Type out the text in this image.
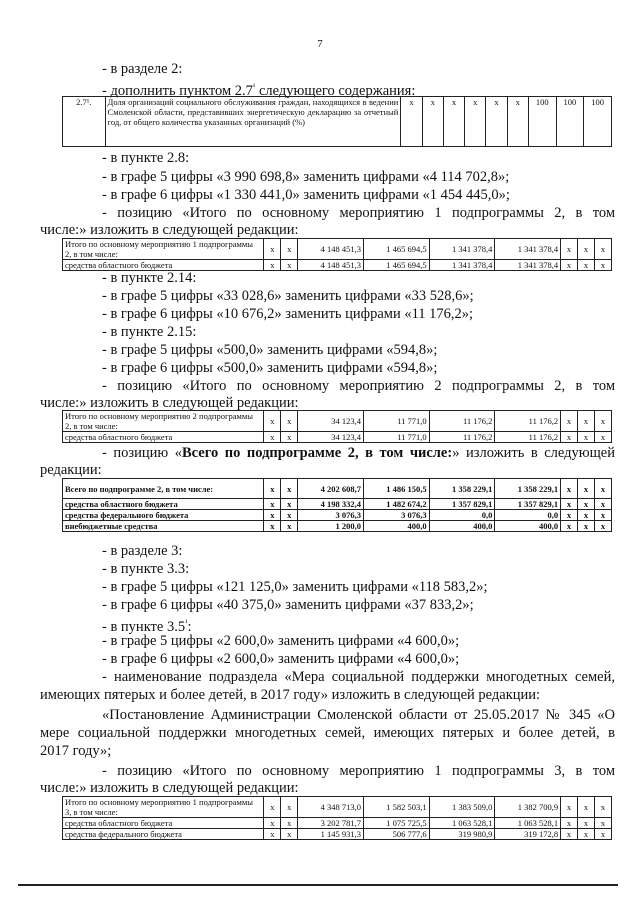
7
- в разделе 2:
- дополнить пунктом $2.7^{^1}$ следующего содержания:
2.7¹.	Доля организаций социального обслуживания граждан, находящихся в ведении Смоленской области, представивших энергетическую декларацию за отчетный год, от общего количества указанных организаций (%)	х	х	х	х	х	х	100	100	100
- в пункте 2.8:
- в графе 5 цифры «3 990 698,8» заменить цифрами «4 114 702,8»;
- в графе 6 цифры «1 330 441,0» заменить цифрами «1 454 445,0»;
- позицию «Итого по основному мероприятию 1 подпрограммы 2, в том
числе:» изложить в следующей редакции:
Итого по основному мероприятию 1 подпрограммы 2, в том числе:	х	х	4 148 451,3	1 465 694,5	1 341 378,4	1 341 378,4	х	х	х
средства областного бюджета	х	х	4 148 451,3	1 465 694,5	1 341 378,4	1 341 378,4	х	х	х
- в пункте 2.14:
- в графе 5 цифры «33 028,6» заменить цифрами «33 528,6»;
- в графе 6 цифры «10 676,2» заменить цифрами «11 176,2»;
- в пункте 2.15:
- в графе 5 цифры «500,0» заменить цифрами «594,8»;
- в графе 6 цифры «500,0» заменить цифрами «594,8»;
- позицию «Итого по основному мероприятию 2 подпрограммы 2, в том
числе:» изложить в следующей редакции:
Итого по основному мероприятию 2 подпрограммы 2, в том числе:	х	х	34 123,4	11 771,0	11 176,2	11 176,2	х	х	х
средства областного бюджета	х	х	34 123,4	11 771,0	11 176,2	11 176,2	х	х	х
- позицию «Всего по подпрограмме 2, в том числе:» изложить в следующей
редакции:
Всего по подпрограмме 2, в том числе:	х	х	4 202 608,7	1 486 150,5	1 358 229,1	1 358 229,1	х	х	х
средства областного бюджета	х	х	4 198 332,4	1 482 674,2	1 357 829,1	1 357 829,1	х	х	х
средства федерального бюджета	х	х	3 076,3	3 076,3	0,0	0,0	х	х	х
внебюджетные средства	х	х	1 200,0	400,0	400,0	400,0	х	х	х
- в разделе 3:
- в пункте 3.3:
- в графе 5 цифры «121 125,0» заменить цифрами «118 583,2»;
- в графе 6 цифры «40 375,0» заменить цифрами «37 833,2»;
- в пункте $3.5^{^1}$:
- в графе 5 цифры «2 600,0» заменить цифрами «4 600,0»;
- в графе 6 цифры «2 600,0» заменить цифрами «4 600,0»;
- наименование подраздела «Мера социальной поддержки многодетных семей,
имеющих пятерых и более детей, в 2017 году» изложить в следующей редакции:
«Постановление Администрации Смоленской области от 25.05.2017 № 345 «О
мере социальной поддержки многодетных семей, имеющих пятерых и более детей, в
2017 году»;
- позицию «Итого по основному мероприятию 1 подпрограммы 3, в том
числе:» изложить в следующей редакции:
Итого по основному мероприятию 1 подпрограммы 3, в том числе:	х	х	4 348 713,0	1 582 503,1	1 383 509,0	1 382 700,9	х	х	х
средства областного бюджета	х	х	3 202 781,7	1 075 725,5	1 063 528,1	1 063 528,1	х	х	х
средства федерального бюджета	х	х	1 145 931,3	506 777,6	319 980,9	319 172,8	х	х	х
